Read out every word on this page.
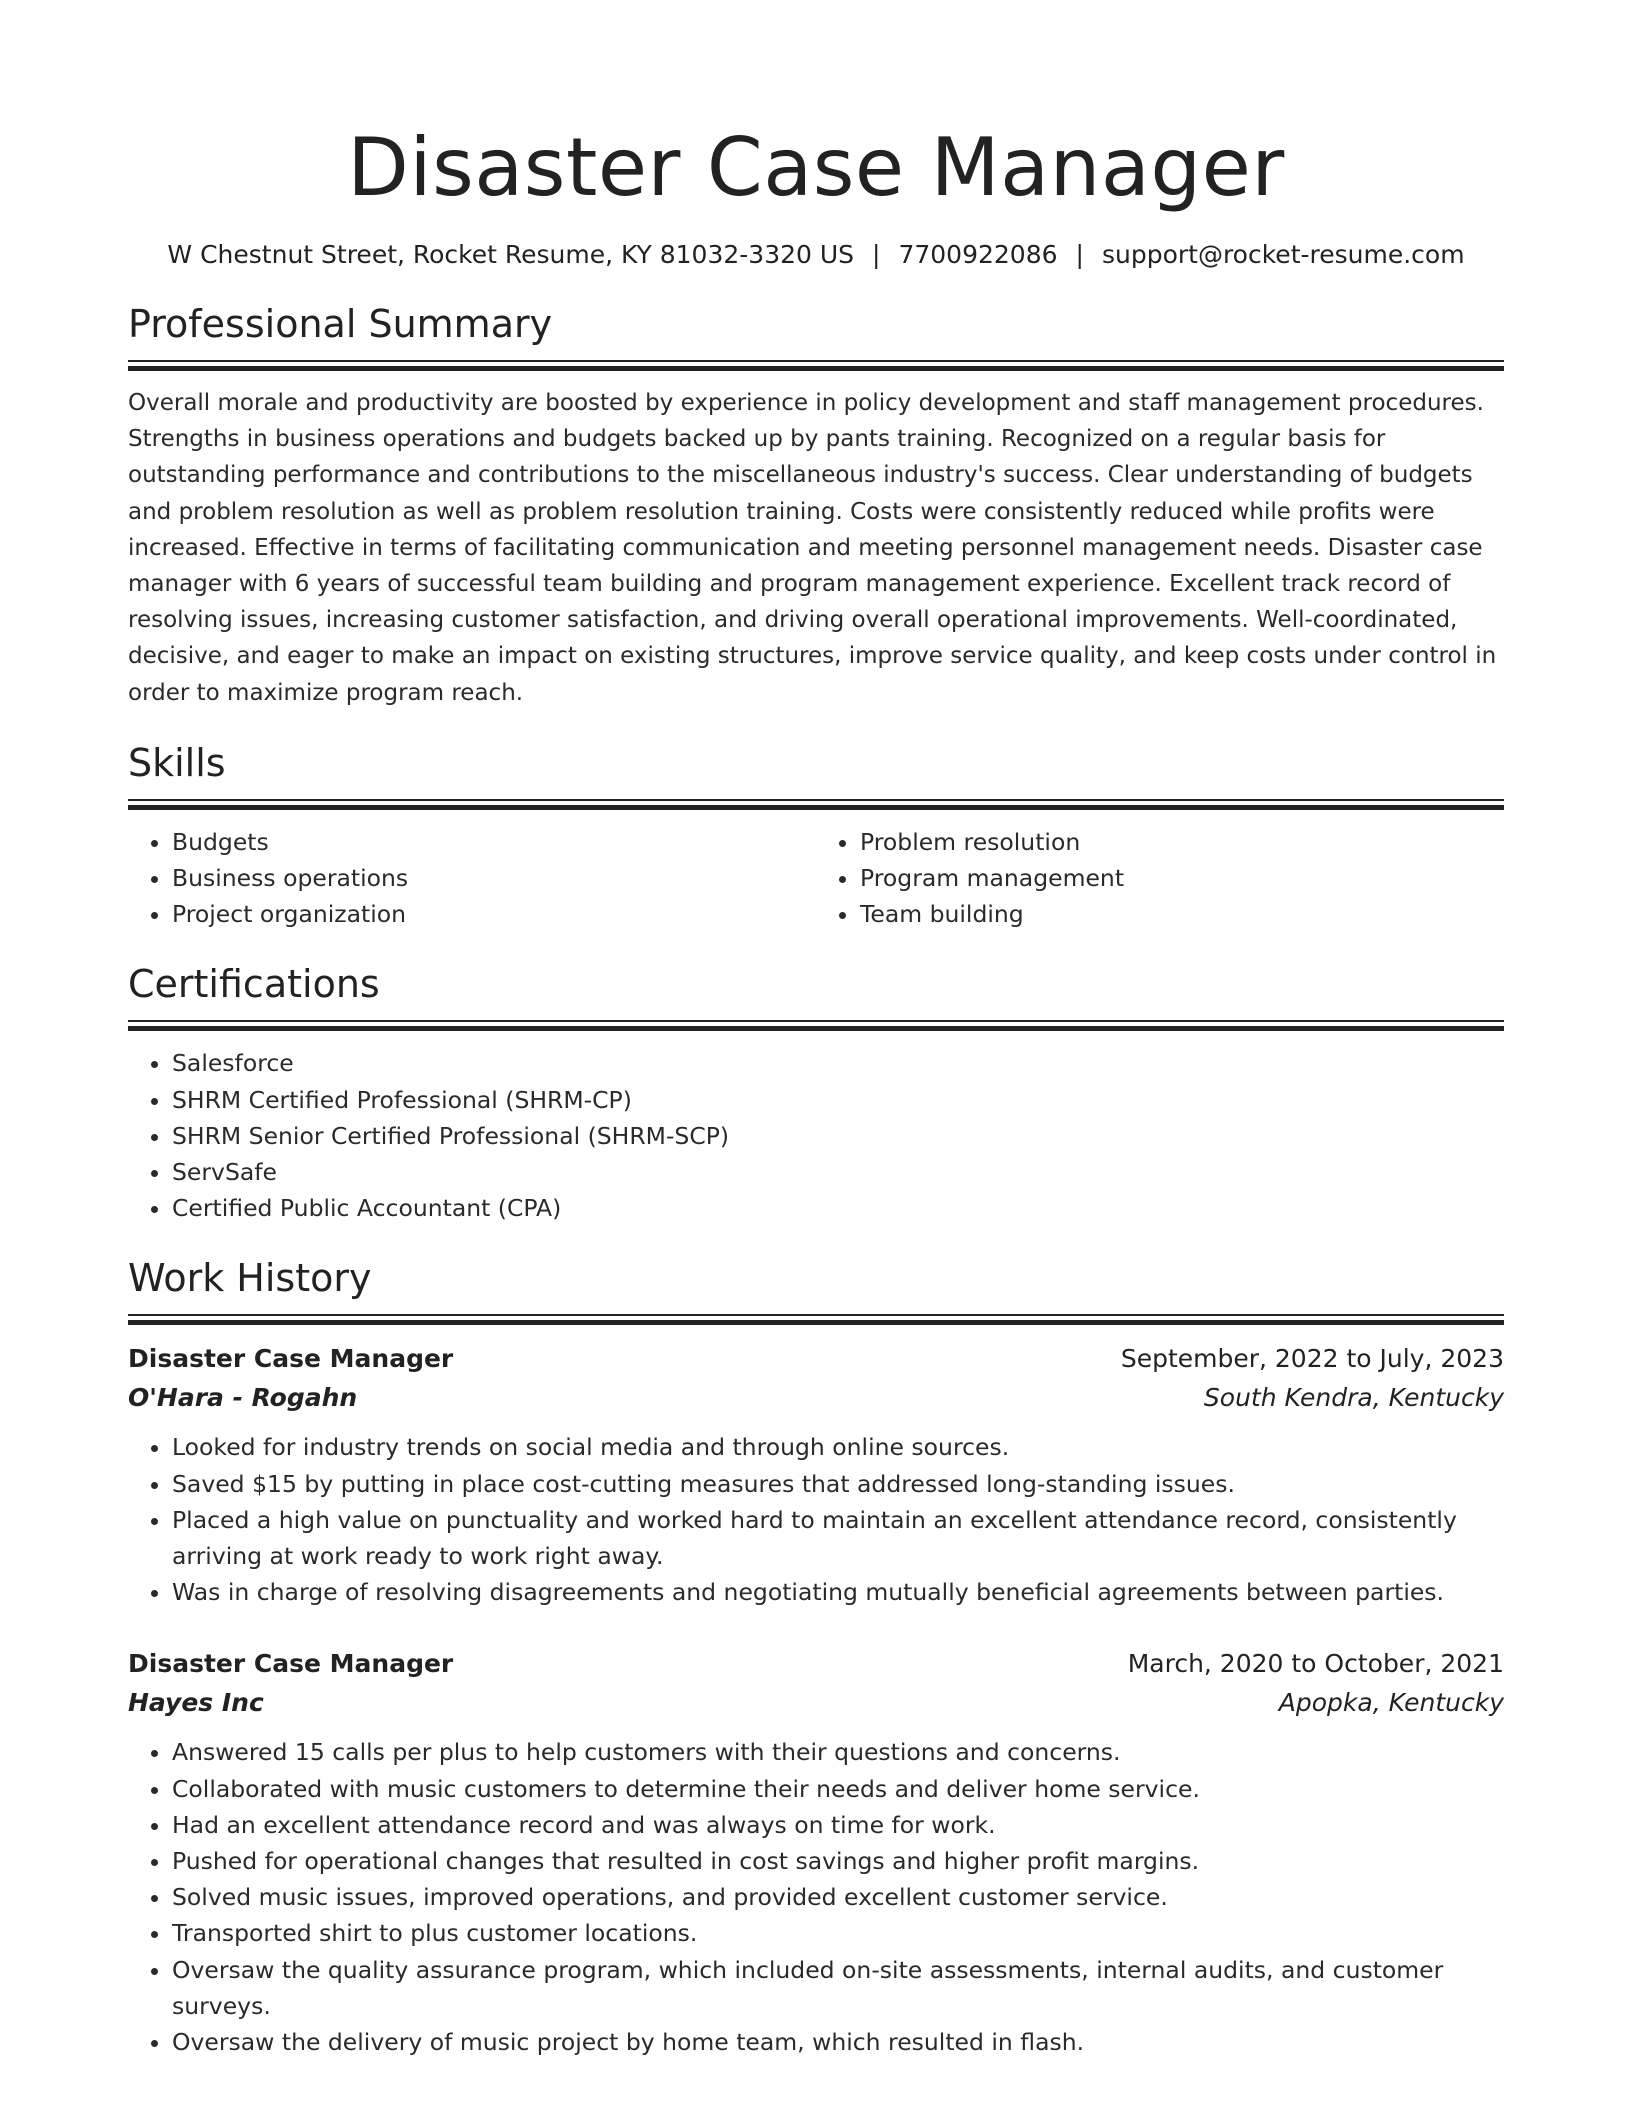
Disaster Case Manager
W Chestnut Street, Rocket Resume, KY 81032-3320 US | 7700922086 | support@rocket-resume.com
Professional Summary

Overall morale and productivity are boosted by experience in policy development and staff management procedures. Strengths in business operations and budgets backed up by pants training. Recognized on a regular basis for outstanding performance and contributions to the miscellaneous industry's success. Clear understanding of budgets and problem resolution as well as problem resolution training. Costs were consistently reduced while profits were increased. Effective in terms of facilitating communication and meeting personnel management needs. Disaster case manager with 6 years of successful team building and program management experience. Excellent track record of resolving issues, increasing customer satisfaction, and driving overall operational improvements. Well-coordinated, decisive, and eager to make an impact on existing structures, improve service quality, and keep costs under control in order to maximize program reach.

Skills
• Budgets
• Business operations
• Project organization
• Problem resolution
• Program management
• Team building
Certifications
• Salesforce
• SHRM Certified Professional (SHRM-CP)
• SHRM Senior Certified Professional (SHRM-SCP)
• ServSafe
• Certified Public Accountant (CPA)
Work History
Disaster Case Manager	September, 2022 to July, 2023
O'Hara - Rogahn	South Kendra, Kentucky
• Looked for industry trends on social media and through online sources.
• Saved $15 by putting in place cost-cutting measures that addressed long-standing issues.
• Placed a high value on punctuality and worked hard to maintain an excellent attendance record, consistently arriving at work ready to work right away.
• Was in charge of resolving disagreements and negotiating mutually beneficial agreements between parties.
Disaster Case Manager	March, 2020 to October, 2021
Hayes Inc	Apopka, Kentucky
• Answered 15 calls per plus to help customers with their questions and concerns.
• Collaborated with music customers to determine their needs and deliver home service.
• Had an excellent attendance record and was always on time for work.
• Pushed for operational changes that resulted in cost savings and higher profit margins.
• Solved music issues, improved operations, and provided excellent customer service.
• Transported shirt to plus customer locations.
• Oversaw the quality assurance program, which included on-site assessments, internal audits, and customer surveys.
• Oversaw the delivery of music project by home team, which resulted in flash.
